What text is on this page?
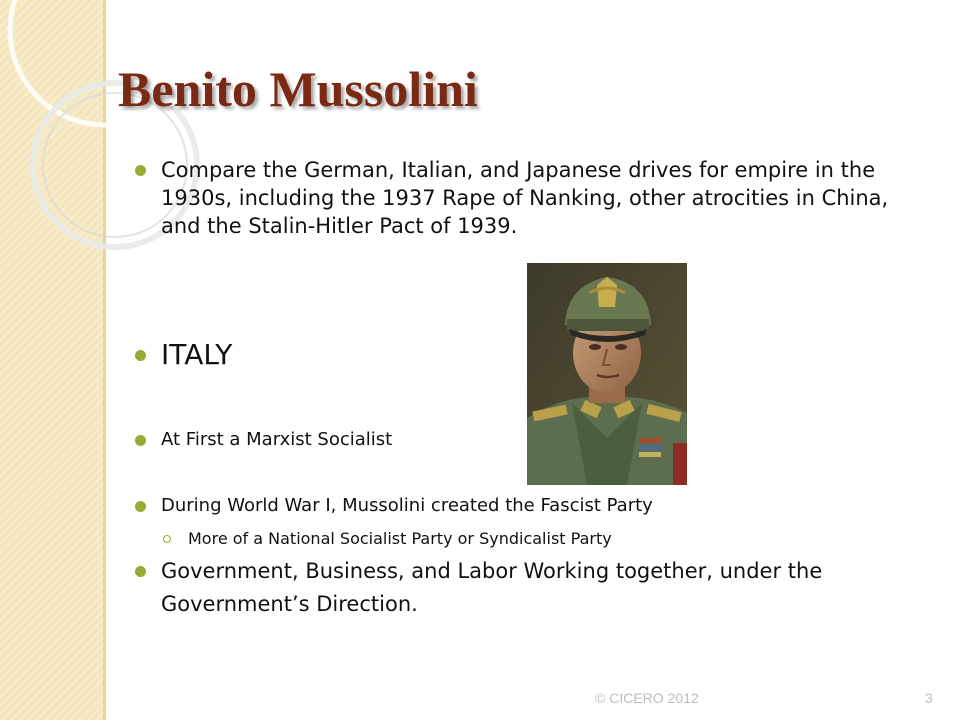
Benito Mussolini
Compare the German, Italian, and Japanese drives for empire in the 1930s, including the 1937 Rape of Nanking, other atrocities in China, and the Stalin-Hitler Pact of 1939.
ITALY
At First a Marxist Socialist
During World War I, Mussolini created the Fascist Party
More of a National Socialist Party or Syndicalist Party
Government, Business, and Labor Working together, under the Government’s Direction.
© CICERO 2012	3
